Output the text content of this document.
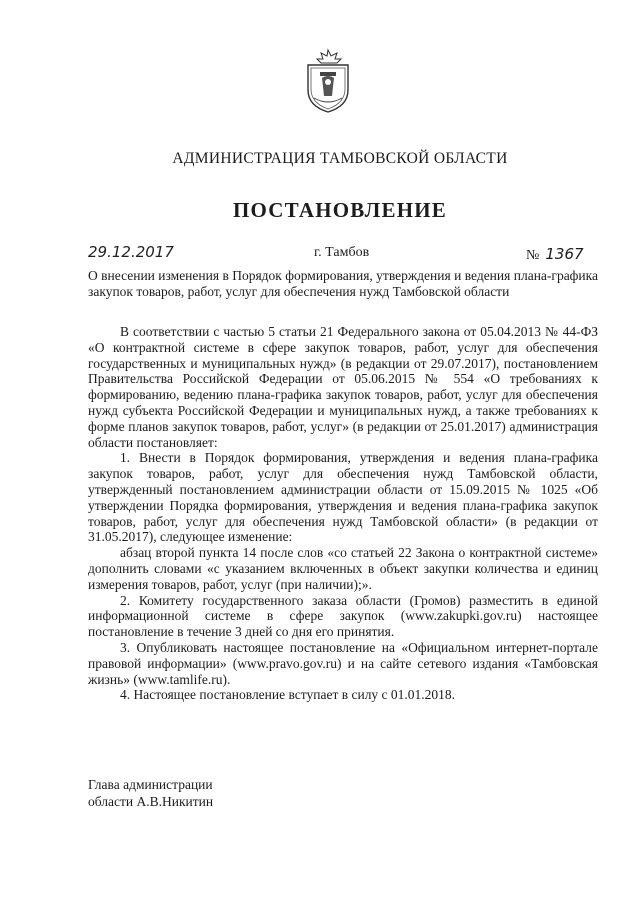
АДМИНИСТРАЦИЯ ТАМБОВСКОЙ ОБЛАСТИ
ПОСТАНОВЛЕНИЕ
29.12.2017	г. Тамбов	№ 1367
О внесении изменения в Порядок формирования, утверждения и ведения плана-графика закупок товаров, работ, услуг для обеспечения нужд Тамбовской области

В соответствии с частью 5 статьи 21 Федерального закона от 05.04.2013 № 44-ФЗ «О контрактной системе в сфере закупок товаров, работ, услуг для обеспечения государственных и муниципальных нужд» (в редакции от 29.07.2017), постановлением Правительства Российской Федерации от 05.06.2015 № 554 «О требованиях к формированию, ведению плана-графика закупок товаров, работ, услуг для обеспечения нужд субъекта Российской Федерации и муниципальных нужд, а также требованиях к форме планов закупок товаров, работ, услуг» (в редакции от 25.01.2017) администрация области постановляет:

1. Внести в Порядок формирования, утверждения и ведения плана-графика закупок товаров, работ, услуг для обеспечения нужд Тамбовской области, утвержденный постановлением администрации области от 15.09.2015 № 1025 «Об утверждении Порядка формирования, утверждения и ведения плана-графика закупок товаров, работ, услуг для обеспечения нужд Тамбовской области» (в редакции от 31.05.2017), следующее изменение:

абзац второй пункта 14 после слов «со статьей 22 Закона о контрактной системе» дополнить словами «с указанием включенных в объект закупки количества и единиц измерения товаров, работ, услуг (при наличии);».

2. Комитету государственного заказа области (Громов) разместить в единой информационной системе в сфере закупок (www.zakupki.gov.ru) настоящее постановление в течение 3 дней со дня его принятия.

3. Опубликовать настоящее постановление на «Официальном интернет-портале правовой информации» (www.pravo.gov.ru) и на сайте сетевого издания «Тамбовская жизнь» (www.tamlife.ru).

4. Настоящее постановление вступает в силу с 01.01.2018.

Глава администрации
области А.В.Никитин
